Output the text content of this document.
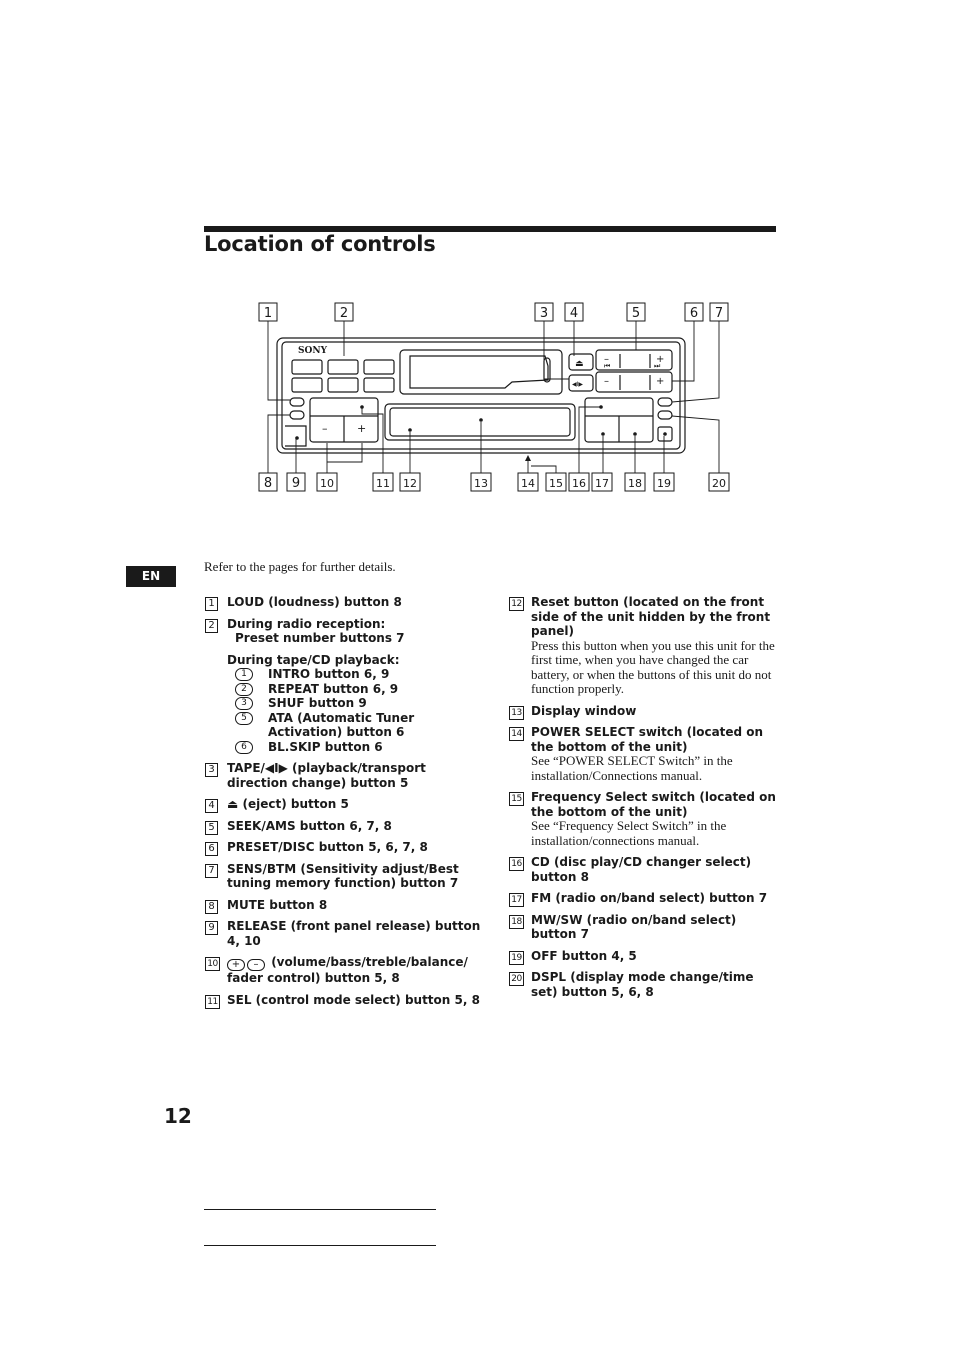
Location of controls
SONY
–	+
–	+
–	+
⏮	⏭
⏏
◀I▶
1	2	3 4	5	6 7
8 9 10	11 12	13	14 15 16 17 18 19	20
EN
Refer to the pages for further details.
1 LOUD (loudness) button 8
2 During radio reception:
Preset number buttons 7
During tape/CD playback:
1	INTRO button 6, 9
2	REPEAT button 6, 9
3	SHUF button 9
5	ATA (Automatic Tuner Activation) button 6
6	BL.SKIP button 6
3 TAPE/◀I▶ (playback/transport direction change) button 5
4 ⏏ (eject) button 5
5 SEEK/AMS button 6, 7, 8
6 PRESET/DISC button 5, 6, 7, 8
7 SENS/BTM (Sensitivity adjust/Best tuning memory function) button 7
8 MUTE button 8
9 RELEASE (front panel release) button 4, 10
10	+ – (volume/bass/treble/balance/ fader control) button 5, 8
11 SEL (control mode select) button 5, 8
12 Reset button (located on the front side of the unit hidden by the front panel)
Press this button when you use this unit for the first time, when you have changed the car battery, or when the buttons of this unit do not function properly.
13 Display window
14 POWER SELECT switch (located on the bottom of the unit)
See “POWER SELECT Switch” in the installation/Connections manual.
15 Frequency Select switch (located on the bottom of the unit)
See “Frequency Select Switch” in the installation/connections manual.
16 CD (disc play/CD changer select) button 8
17 FM (radio on/band select) button 7
18 MW/SW (radio on/band select) button 7
19 OFF button 4, 5
20 DSPL (display mode change/time set) button 5, 6, 8
12
